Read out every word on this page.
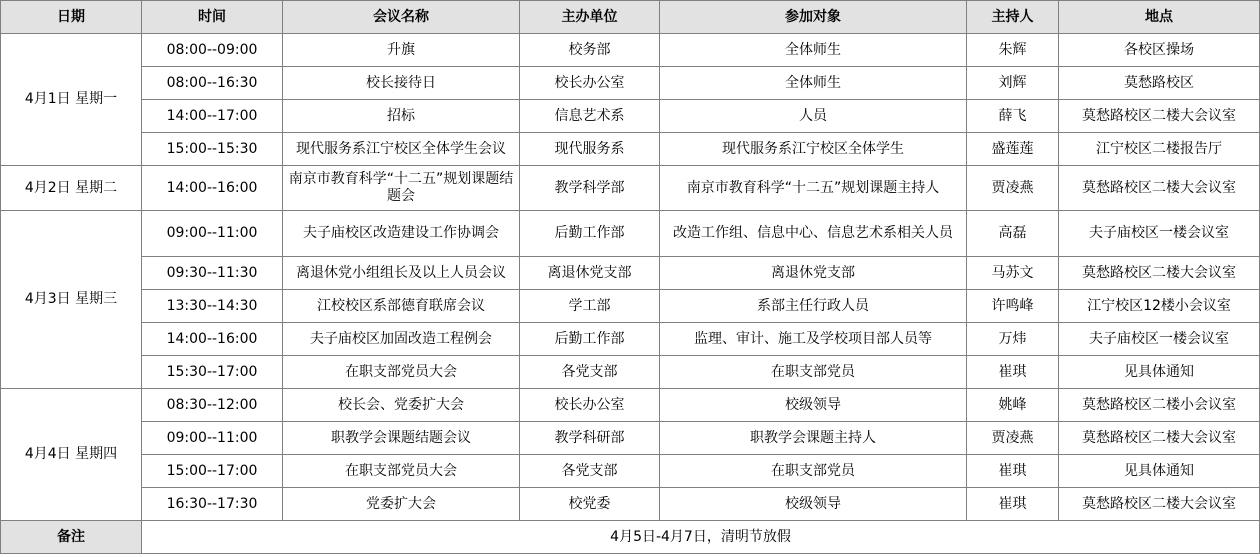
日期	时间	会议名称	主办单位	参加对象	主持人	地点
4月1日 星期一	08:00--09:00	升旗	校务部	全体师生	朱辉	各校区操场
	08:00--16:30	校长接待日	校长办公室	全体师生	刘辉	莫愁路校区
	14:00--17:00	招标	信息艺术系	人员	薛飞	莫愁路校区二楼大会议室
	15:00--15:30	现代服务系江宁校区全体学生会议	现代服务系	现代服务系江宁校区全体学生	盛莲莲	江宁校区二楼报告厅
4月2日 星期二	14:00--16:00	南京市教育科学“十二五”规划课题结题会	教学科学部	南京市教育科学“十二五”规划课题主持人	贾凌燕	莫愁路校区二楼大会议室
4月3日 星期三	09:00--11:00	夫子庙校区改造建设工作协调会	后勤工作部	改造工作组、信息中心、信息艺术系相关人员	高磊	夫子庙校区一楼会议室
	09:30--11:30	离退休党小组组长及以上人员会议	离退休党支部	离退休党支部	马苏文	莫愁路校区二楼大会议室
	13:30--14:30	江校校区系部德育联席会议	学工部	系部主任行政人员	许鸣峰	江宁校区12楼小会议室
	14:00--16:00	夫子庙校区加固改造工程例会	后勤工作部	监理、审计、施工及学校项目部人员等	万炜	夫子庙校区一楼会议室
	15:30--17:00	在职支部党员大会	各党支部	在职支部党员	崔琪	见具体通知
4月4日 星期四	08:30--12:00	校长会、党委扩大会	校长办公室	校级领导	姚峰	莫愁路校区二楼小会议室
	09:00--11:00	职教学会课题结题会议	教学科研部	职教学会课题主持人	贾凌燕	莫愁路校区二楼大会议室
	15:00--17:00	在职支部党员大会	各党支部	在职支部党员	崔琪	见具体通知
	16:30--17:30	党委扩大会	校党委	校级领导	崔琪	莫愁路校区二楼大会议室
备注	4月5日-4月7日，清明节放假					
